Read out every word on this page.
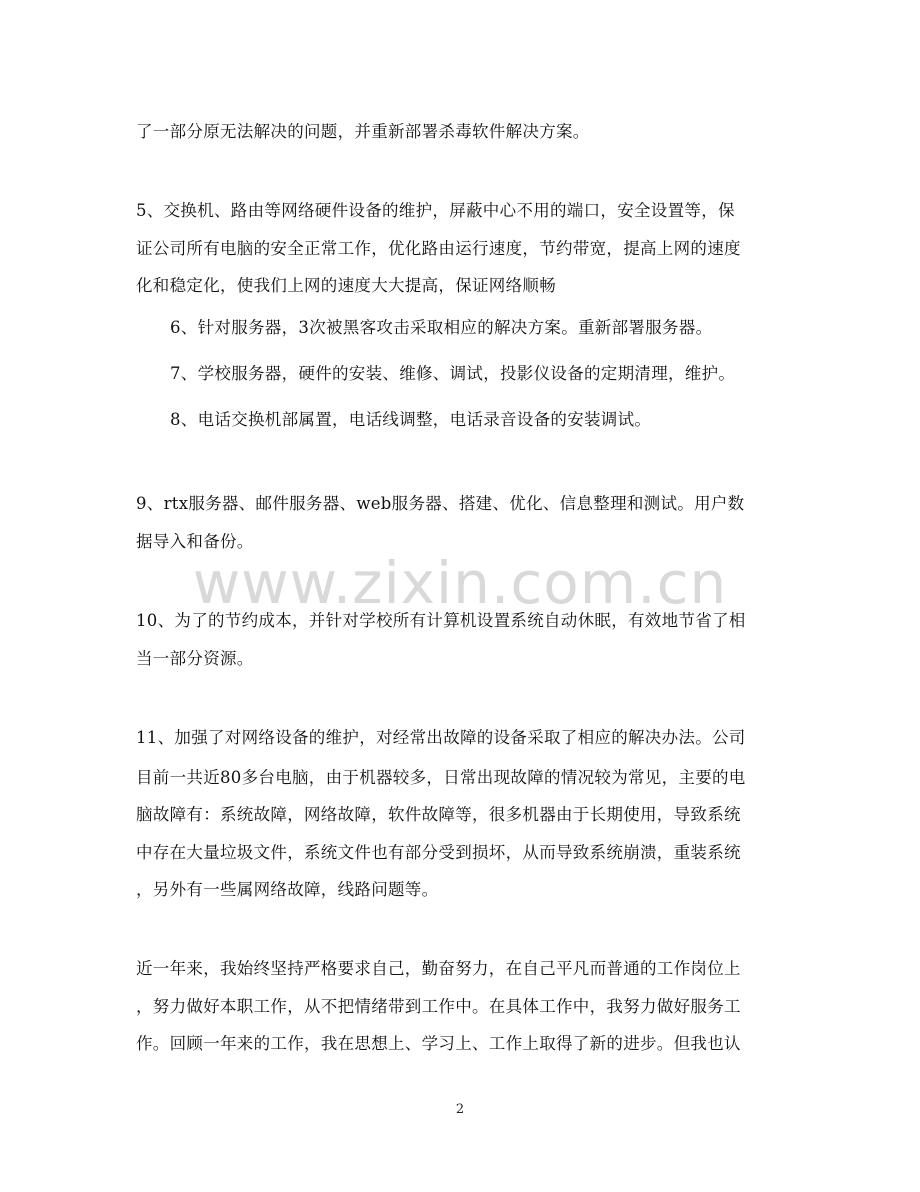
了一部分原无法解决的问题，并重新部署杀毒软件解决方案。
5、交换机、路由等网络硬件设备的维护，屏蔽中心不用的端口，安全设置等，保
证公司所有电脑的安全正常工作，优化路由运行速度，节约带宽，提高上网的速度
化和稳定化，使我们上网的速度大大提高，保证网络顺畅
6、针对服务器，3次被黑客攻击采取相应的解决方案。重新部署服务器。
7、学校服务器，硬件的安装、维修、调试，投影仪设备的定期清理，维护。
8、电话交换机部属置，电话线调整，电话录音设备的安装调试。
9、rtx服务器、邮件服务器、web服务器、搭建、优化、信息整理和测试。用户数
据导入和备份。
www.zixin.com.cn
10、为了的节约成本，并针对学校所有计算机设置系统自动休眠，有效地节省了相
当一部分资源。
11、加强了对网络设备的维护，对经常出故障的设备采取了相应的解决办法。公司
目前一共近80多台电脑，由于机器较多，日常出现故障的情况较为常见，主要的电
脑故障有：系统故障，网络故障，软件故障等，很多机器由于长期使用，导致系统
中存在大量垃圾文件，系统文件也有部分受到损坏，从而导致系统崩溃，重装系统
，另外有一些属网络故障，线路问题等。
近一年来，我始终坚持严格要求自己，勤奋努力，在自己平凡而普通的工作岗位上
，努力做好本职工作，从不把情绪带到工作中。在具体工作中，我努力做好服务工
作。回顾一年来的工作，我在思想上、学习上、工作上取得了新的进步。但我也认
2
